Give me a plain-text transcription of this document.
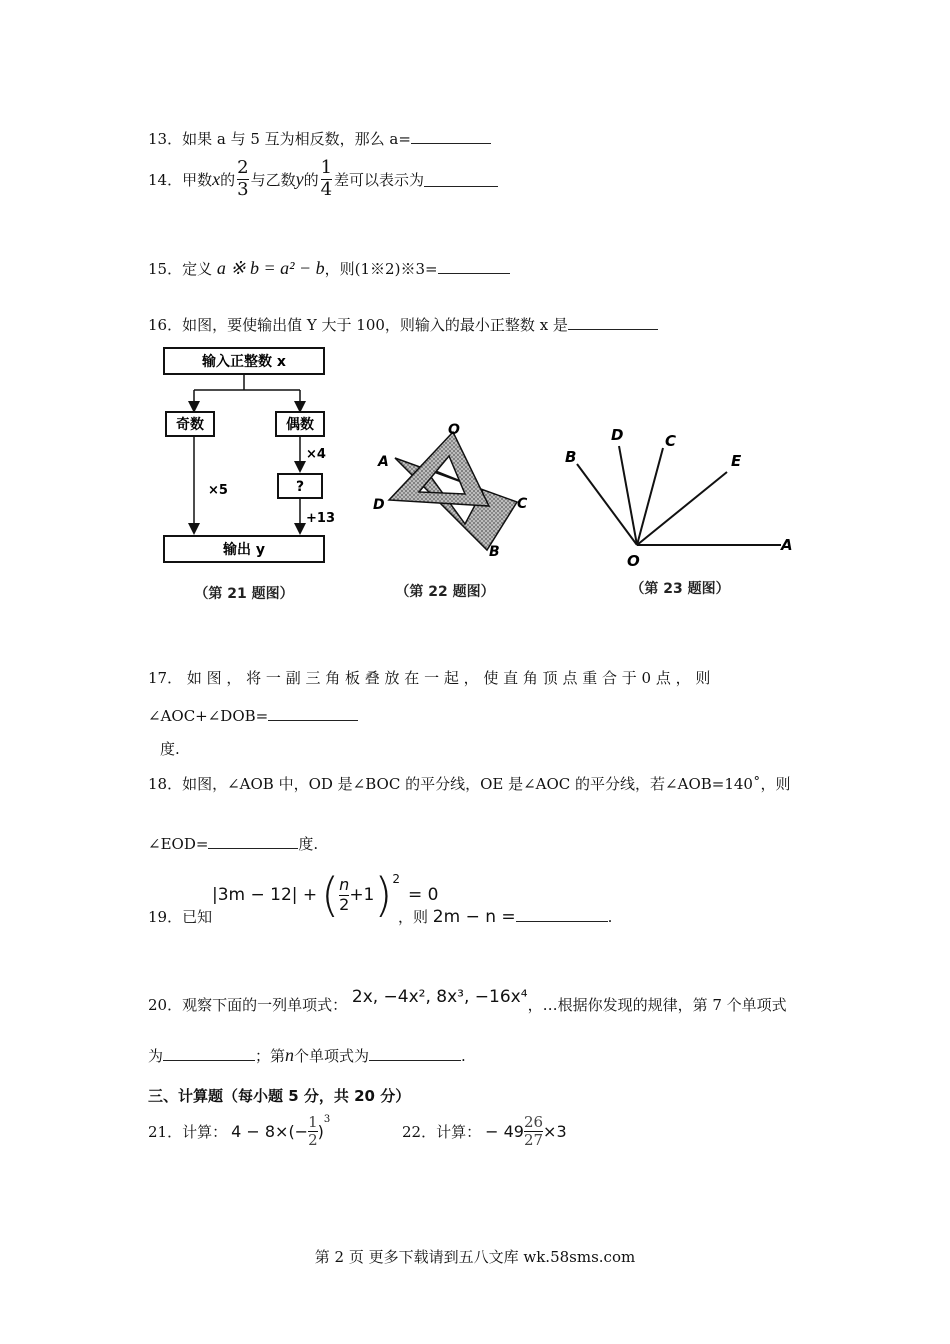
13．如果 a 与 5 互为相反数，那么 a=
14．甲数 x 的 $\frac{2}{3}$ 与乙数 y 的 $\frac{1}{4}$ 差可以表示为
15．定义 a ※ b = a² − b，则(1※2)※3=
16．如图，要使输出值 Y 大于 100，则输入的最小正整数 x 是
输入正整数 x
奇数	偶数
×4
?
+13
×5
输出 y
（第 21 题图）
O
A
D	C
B
（第 22 题图）
B
D	C
E
O
A
（第 23 题图）
17． 如 图 ， 将 一 副 三 角 板 叠 放 在 一 起 ， 使 直 角 顶 点 重 合 于 0 点 ， 则
∠AOC+∠DOB=
度.
18．如图，∠AOB 中，OD 是∠BOC 的平分线，OE 是∠AOC 的平分线，若∠AOB=140˚，则
∠EOD=	度.
19．已知
|3m − 12| + ( $\frac{n}{2} +1$ )$^2$
= 0
，则 2m − n =	.
20．观察下面的一列单项式： 2x, −4x², 8x³, −16x⁴，…根据你发现的规律，第 7 个单项式
为	；第n个单项式为	.
三、计算题（每小题 5 分，共 20 分）
21．计算： $4 - 8\times(- \frac{1}{2}$ )
$^3$
22．计算： − $49 \frac{26}{27} \times 3$
第 2 页 更多下载请到五八文库 wk.58sms.com
